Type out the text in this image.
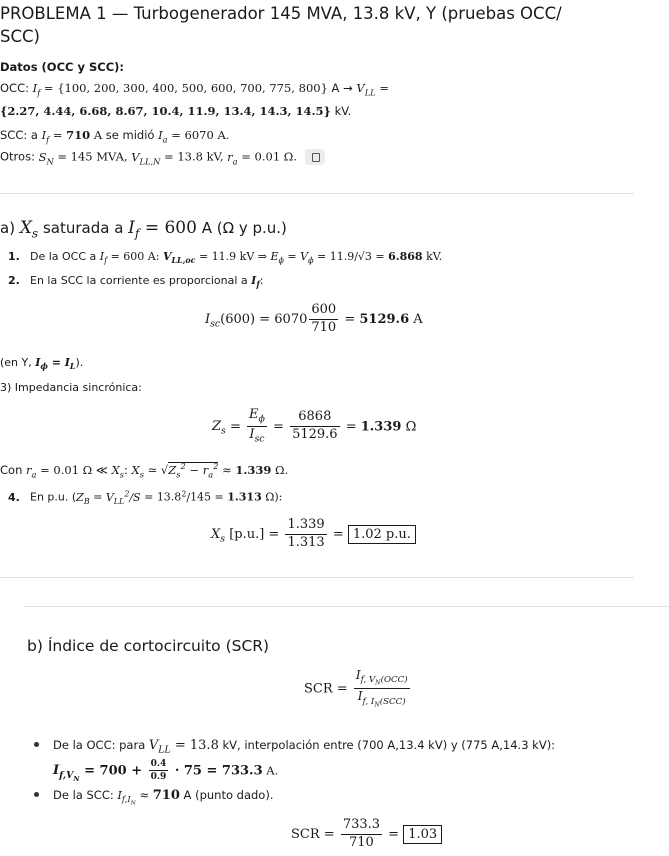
PROBLEMA 1 — Turbogenerador 145 MVA, 13.8 kV, Y (pruebas OCC/
SCC)
Datos (OCC y SCC):
OCC: $I_f = \{100$, 200, 300, 400, 500, 600, 700, 775, 800} $A \to V_{LL}$ =
{2.27, 4.44, 6.68, 8.67, 10.4, 11.9, 13.4, 14.3, 14.5} kV.
SCC: a $I_f = 710$ A se midió $I_a = 6070$ A.
Otros: $S_N = 145$ MVA, $V_{LL,N} = 13.8$ kV, $r_a = 0.01$ Ω.
a) $X_s$ saturada a $I_f = 600$ A (Ω y p.u.)
1. De la OCC a $I_f = 600$ A: $V_{LL,oc} = 11.9$ kV ⇒ $E_\phi = V_\phi = 11.9/√3 = 6.868$ kV.
2. En la SCC la corriente es proporcional a $I_f$:
$I_{sc}(600) = 6070 \frac{600}{710} = 5129.6$ A
(en Y, $I_\phi = I_L$).
3) Impedancia sincrónica:
$Z_s = \frac{E_\phi}{I_{sc}} = \frac{6868}{5129.6} = 1.339$ Ω
Con $r_a = 0.01$ Ω ≪ $X_s$: $X_s$ ≃ $√Z_s^2 - r_a^2 \approx 1.339$ Ω.
4. En p.u. ($Z_B = V_{LL}^2/S = 13.8^2/145 = 1.313$ Ω):
$X_s$ $[p.u.] = \frac{1.339}{1.313} = 1.02$ p.u.
b) Índice de cortocircuito (SCR)
SCR = $\frac{I_{f, V_N(OCC)}}{I_{f, I_N(SCC)}}$
De la OCC: para $V_{LL} = 13.8$ kV, interpolación entre (700 A,13.4 kV) y (775 A,14.3 kV):
$I_{f,V_N} = 700 + \frac{0.4}{0.9} \cdot 75 = 733.3$ A.
De la SCC: $I_{f,I_N} \approx 710$ A (punto dado).
SCR = $\frac{733.3}{710} = 1.03$
